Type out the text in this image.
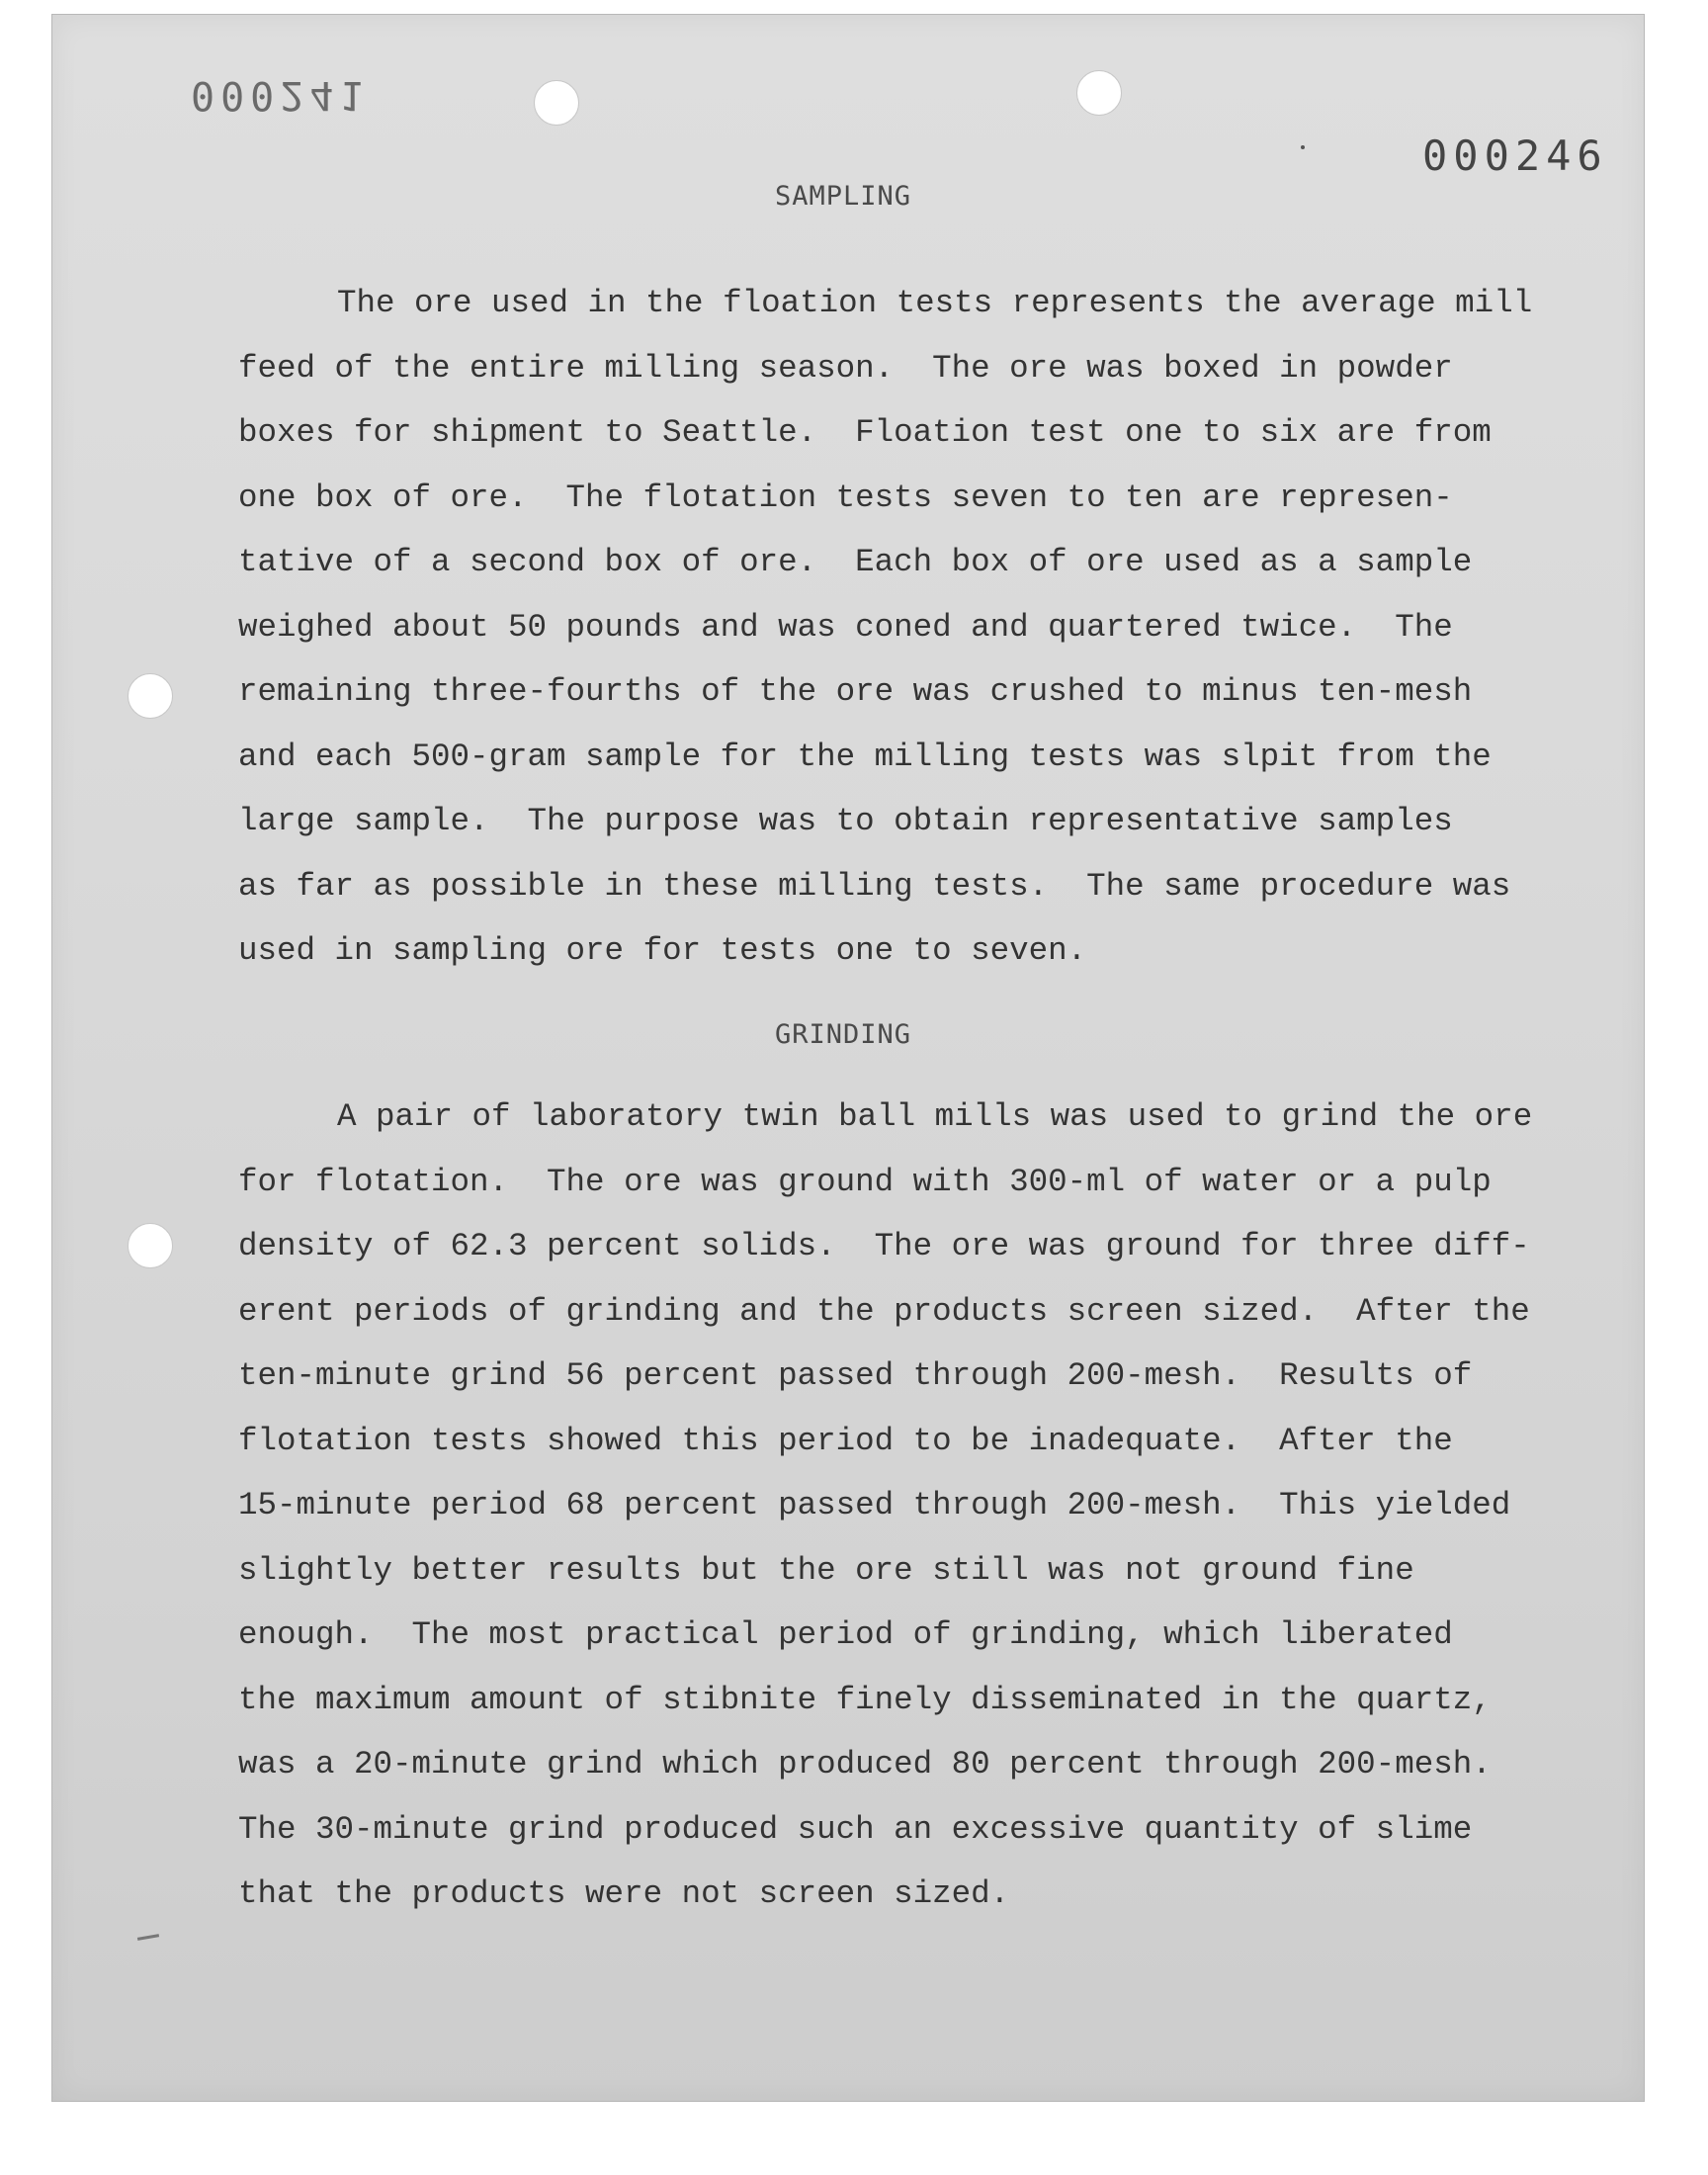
000241
000246
SAMPLING
The ore used in the floation tests represents the average mill
feed of the entire milling season.  The ore was boxed in powder
boxes for shipment to Seattle.  Floation test one to six are from
one box of ore.  The flotation tests seven to ten are represen-
tative of a second box of ore.  Each box of ore used as a sample
weighed about 50 pounds and was coned and quartered twice.  The
remaining three-fourths of the ore was crushed to minus ten-mesh
and each 500-gram sample for the milling tests was slpit from the
large sample.  The purpose was to obtain representative samples
as far as possible in these milling tests.  The same procedure was
used in sampling ore for tests one to seven.
GRINDING
A pair of laboratory twin ball mills was used to grind the ore
for flotation.  The ore was ground with 300-ml of water or a pulp
density of 62.3 percent solids.  The ore was ground for three diff-
erent periods of grinding and the products screen sized.  After the
ten-minute grind 56 percent passed through 200-mesh.  Results of
flotation tests showed this period to be inadequate.  After the
15-minute period 68 percent passed through 200-mesh.  This yielded
slightly better results but the ore still was not ground fine
enough.  The most practical period of grinding, which liberated
the maximum amount of stibnite finely disseminated in the quartz,
was a 20-minute grind which produced 80 percent through 200-mesh.
The 30-minute grind produced such an excessive quantity of slime
that the products were not screen sized.
